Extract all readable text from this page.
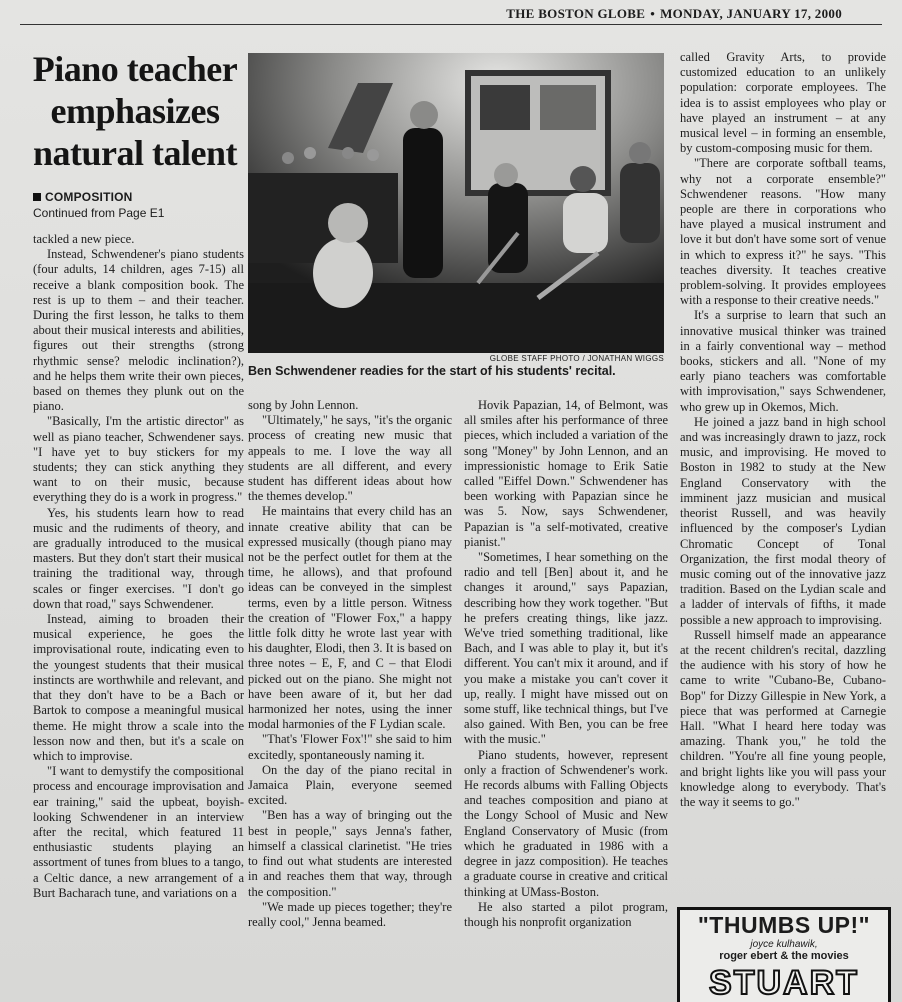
THE BOSTON GLOBE • MONDAY, JANUARY 17, 2000
Piano teacher emphasizes natural talent
COMPOSITION
Continued from Page E1
GLOBE STAFF PHOTO / JONATHAN WIGGS
Ben Schwendener readies for the start of his students' recital.

tackled a new piece.

Instead, Schwendener's piano students (four adults, 14 children, ages 7-15) all receive a blank composition book. The rest is up to them – and their teacher. During the first lesson, he talks to them about their musical interests and abilities, figures out their strengths (strong rhythmic sense? melodic inclination?), and he helps them write their own pieces, based on themes they plunk out on the piano.

"Basically, I'm the artistic director" as well as piano teacher, Schwendener says. "I have yet to buy stickers for my students; they can stick anything they want to on their music, because everything they do is a work in progress."

Yes, his students learn how to read music and the rudiments of theory, and are gradually introduced to the musical masters. But they don't start their musical training the traditional way, through scales or finger exercises. "I don't go down that road," says Schwendener.

Instead, aiming to broaden their musical experience, he goes the improvisational route, indicating even to the youngest students that their musical instincts are worthwhile and relevant, and that they don't have to be a Bach or Bartok to compose a meaningful musical theme. He might throw a scale into the lesson now and then, but it's a scale on which to improvise.

"I want to demystify the compositional process and encourage improvisation and ear training," said the upbeat, boyish-looking Schwendener in an interview after the recital, which featured 11 enthusiastic students playing an assortment of tunes from blues to a tango, a Celtic dance, a new arrangement of a Burt Bacharach tune, and variations on a

song by John Lennon.

"Ultimately," he says, "it's the organic process of creating new music that appeals to me. I love the way all students are all different, and every student has different ideas about how the themes develop."

He maintains that every child has an innate creative ability that can be expressed musically (though piano may not be the perfect outlet for them at the time, he allows), and that profound ideas can be conveyed in the simplest terms, even by a little person. Witness the creation of "Flower Fox," a happy little folk ditty he wrote last year with his daughter, Elodi, then 3. It is based on three notes – E, F, and C – that Elodi picked out on the piano. She might not have been aware of it, but her dad harmonized her notes, using the inner modal harmonies of the F Lydian scale.

"That's 'Flower Fox'!" she said to him excitedly, spontaneously naming it.

On the day of the piano recital in Jamaica Plain, everyone seemed excited.

"Ben has a way of bringing out the best in people," says Jenna's father, himself a classical clarinetist. "He tries to find out what students are interested in and reaches them that way, through the composition."

"We made up pieces together; they're really cool," Jenna beamed.

Hovik Papazian, 14, of Belmont, was all smiles after his performance of three pieces, which included a variation of the song "Money" by John Lennon, and an impressionistic homage to Erik Satie called "Eiffel Down." Schwendener has been working with Papazian since he was 5. Now, says Schwendener, Papazian is "a self-motivated, creative pianist."

"Sometimes, I hear something on the radio and tell [Ben] about it, and he changes it around," says Papazian, describing how they work together. "But he prefers creating things, like jazz. We've tried something traditional, like Bach, and I was able to play it, but it's different. You can't mix it around, and if you make a mistake you can't cover it up, really. I might have missed out on some stuff, like technical things, but I've also gained. With Ben, you can be free with the music."

Piano students, however, represent only a fraction of Schwendener's work. He records albums with Falling Objects and teaches composition and piano at the Longy School of Music and New England Conservatory of Music (from which he graduated in 1986 with a degree in jazz composition). He teaches a graduate course in creative and critical thinking at UMass-Boston.

He also started a pilot program, though his nonprofit organization

called Gravity Arts, to provide customized education to an unlikely population: corporate employees. The idea is to assist employees who play or have played an instrument – at any musical level – in forming an ensemble, by custom-composing music for them.

"There are corporate softball teams, why not a corporate ensemble?" Schwendener reasons. "How many people are there in corporations who have played a musical instrument and love it but don't have some sort of venue in which to express it?" he says. "This teaches diversity. It teaches creative problem-solving. It provides employees with a response to their creative needs."

It's a surprise to learn that such an innovative musical thinker was trained in a fairly conventional way – method books, stickers and all. "None of my early piano teachers was comfortable with improvisation," says Schwendener, who grew up in Okemos, Mich.

He joined a jazz band in high school and was increasingly drawn to jazz, rock music, and improvising. He moved to Boston in 1982 to study at the New England Conservatory with the imminent jazz musician and musical theorist Russell, and was heavily influenced by the composer's Lydian Chromatic Concept of Tonal Organization, the first modal theory of music coming out of the innovative jazz tradition. Based on the Lydian scale and a ladder of intervals of fifths, it made possible a new approach to improvising.

Russell himself made an appearance at the recent children's recital, dazzling the audience with his story of how he came to write "Cubano-Be, Cubano-Bop" for Dizzy Gillespie in New York, a piece that was performed at Carnegie Hall. "What I heard here today was amazing. Thank you," he told the children. "You're all fine young people, and bright lights like you will pass your knowledge along to everybody. That's the way it seems to go."

"THUMBS UP!"
joyce kulhawik,
roger ebert & the movies
STUART
